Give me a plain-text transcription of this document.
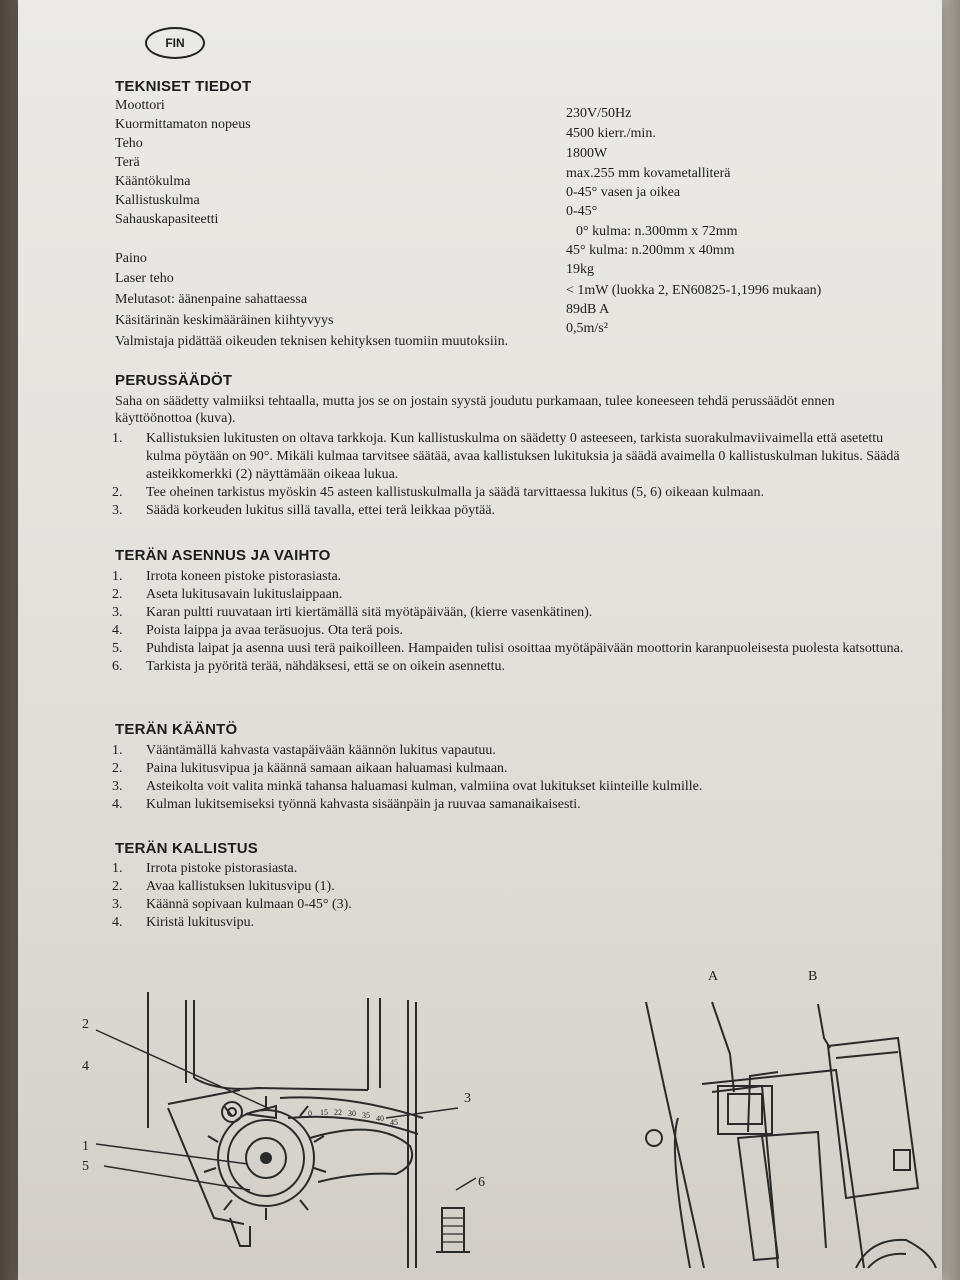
FIN
TEKNISET TIEDOT
Moottori
Kuormittamaton nopeus
Teho
Terä
Kääntökulma
Kallistuskulma
Sahauskapasiteetti
Paino
Laser teho
Melutasot: äänenpaine sahattaessa
Käsitärinän keskimääräinen kiihtyvyys
230V/50Hz
4500 kierr./min.
1800W
max.255 mm kovametalliterä
0-45° vasen ja oikea
0-45°
0° kulma: n.300mm x 72mm
45° kulma: n.200mm x 40mm
19kg
< 1mW (luokka 2, EN60825-1,1996 mukaan)
89dB A
0,5m/s²
Valmistaja pidättää oikeuden teknisen kehityksen tuomiin muutoksiin.
PERUSSÄÄDÖT
Saha on säädetty valmiiksi tehtaalla, mutta jos se on jostain syystä joudutu purkamaan, tulee koneeseen tehdä perussäädöt ennen käyttöönottoa (kuva).
1. Kallistuksien lukitusten on oltava tarkkoja. Kun kallistuskulma on säädetty 0 asteeseen, tarkista suorakulmaviivaimella että asetettu kulma pöytään on 90°. Mikäli kulmaa tarvitsee säätää, avaa kallistuksen lukituksia ja säädä avaimella 0 kallistuskulman lukitus. Säädä asteikkomerkki (2) näyttämään oikeaa lukua.
2. Tee oheinen tarkistus myöskin 45 asteen kallistuskulmalla ja säädä tarvittaessa lukitus (5, 6) oikeaan kulmaan.
3. Säädä korkeuden lukitus sillä tavalla, ettei terä leikkaa pöytää.
TERÄN ASENNUS JA VAIHTO
1. Irrota koneen pistoke pistorasiasta.
2. Aseta lukitusavain lukituslaippaan.
3. Karan pultti ruuvataan irti kiertämällä sitä myötäpäivään, (kierre vasenkätinen).
4. Poista laippa ja avaa teräsuojus. Ota terä pois.
5. Puhdista laipat ja asenna uusi terä paikoilleen. Hampaiden tulisi osoittaa myötäpäivään moottorin karanpuoleisesta puolesta katsottuna.
6. Tarkista ja pyöritä terää, nähdäksesi, että se on oikein asennettu.
TERÄN KÄÄNTÖ
1. Vääntämällä kahvasta vastapäivään käännön lukitus vapautuu.
2. Paina lukitusvipua ja käännä samaan aikaan haluamasi kulmaan.
3. Asteikolta voit valita minkä tahansa haluamasi kulman, valmiina ovat lukitukset kiinteille kulmille.
4. Kulman lukitsemiseksi työnnä kahvasta sisäänpäin ja ruuvaa samanaikaisesti.
TERÄN KALLISTUS
1. Irrota pistoke pistorasiasta.
2. Avaa kallistuksen lukitusvipu (1).
3. Käännä sopivaan kulmaan 0-45° (3).
4. Kiristä lukitusvipu.
0 15 22 30 35 40 45
2
4
1
5
3
6
A	B
